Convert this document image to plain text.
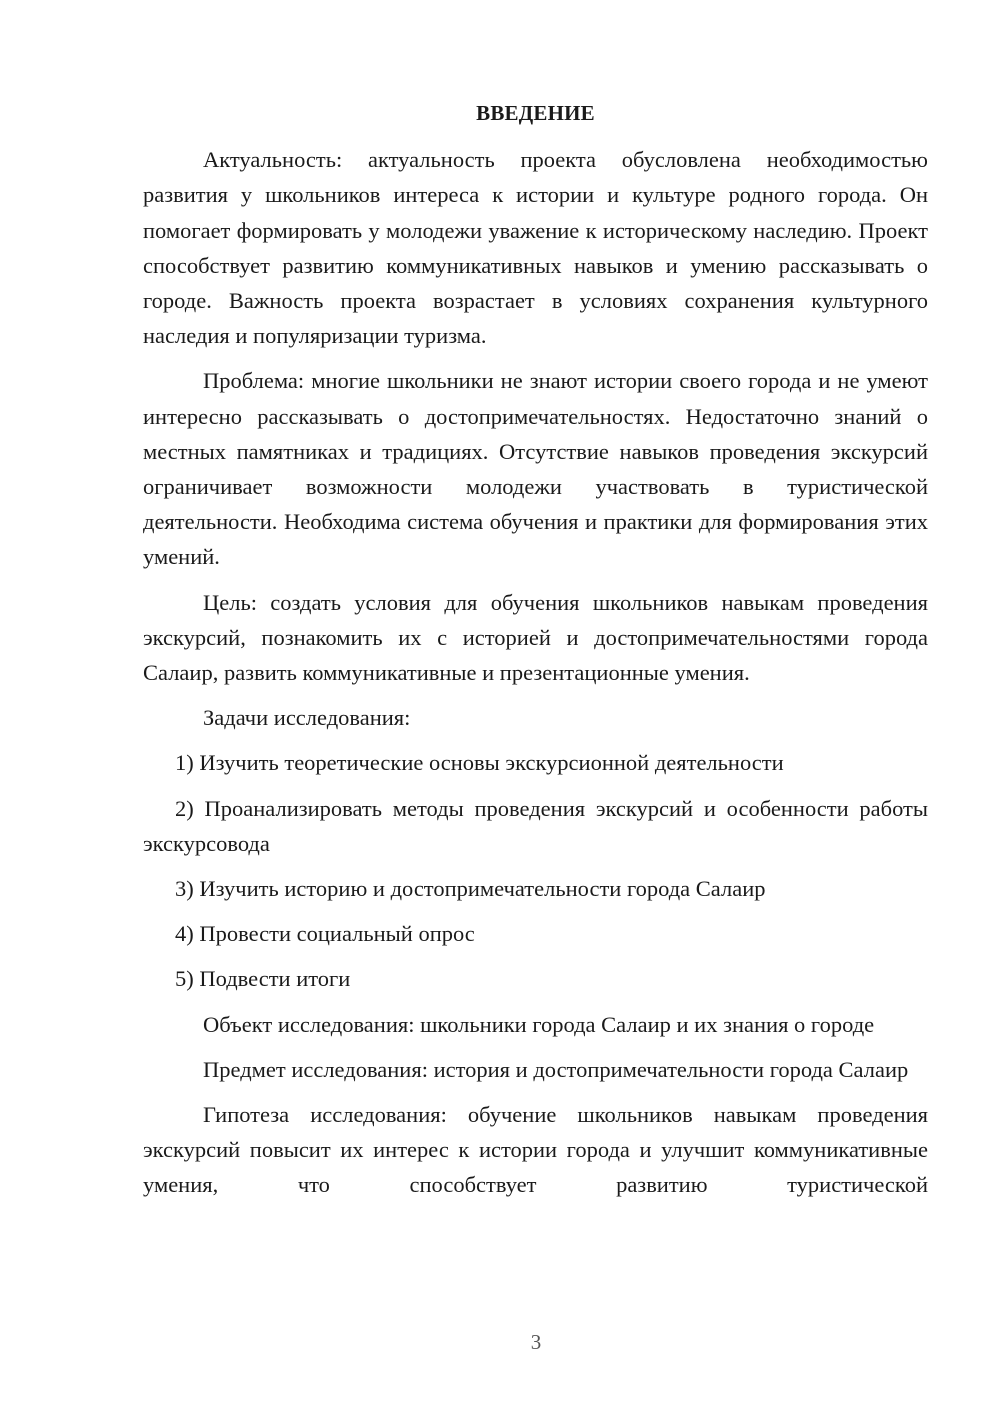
ВВЕДЕНИЕ

Актуальность: актуальность проекта обусловлена необходимостью развития у школьников интереса к истории и культуре родного города. Он помогает формировать у молодежи уважение к историческому наследию. Проект способствует развитию коммуникативных навыков и умению рассказывать о городе. Важность проекта возрастает в условиях сохранения культурного наследия и популяризации туризма.

Проблема: многие школьники не знают истории своего города и не умеют интересно рассказывать о достопримечательностях. Недостаточно знаний о местных памятниках и традициях. Отсутствие навыков проведения экскурсий ограничивает возможности молодежи участвовать в туристической деятельности. Необходима система обучения и практики для формирования этих умений.

Цель: создать условия для обучения школьников навыкам проведения экскурсий, познакомить их с историей и достопримечательностями города Салаир, развить коммуникативные и презентационные умения.

Задачи исследования:

1) Изучить теоретические основы экскурсионной деятельности

2) Проанализировать методы проведения экскурсий и особенности работы экскурсовода

3) Изучить историю и достопримечательности города Салаир

4) Провести социальный опрос

5) Подвести итоги

Объект исследования: школьники города Салаир и их знания о городе

Предмет исследования: история и достопримечательности города Салаир

Гипотеза исследования: обучение школьников навыкам проведения экскурсий повысит их интерес к истории города и улучшит коммуникативные умения, что способствует развитию туристической

3
